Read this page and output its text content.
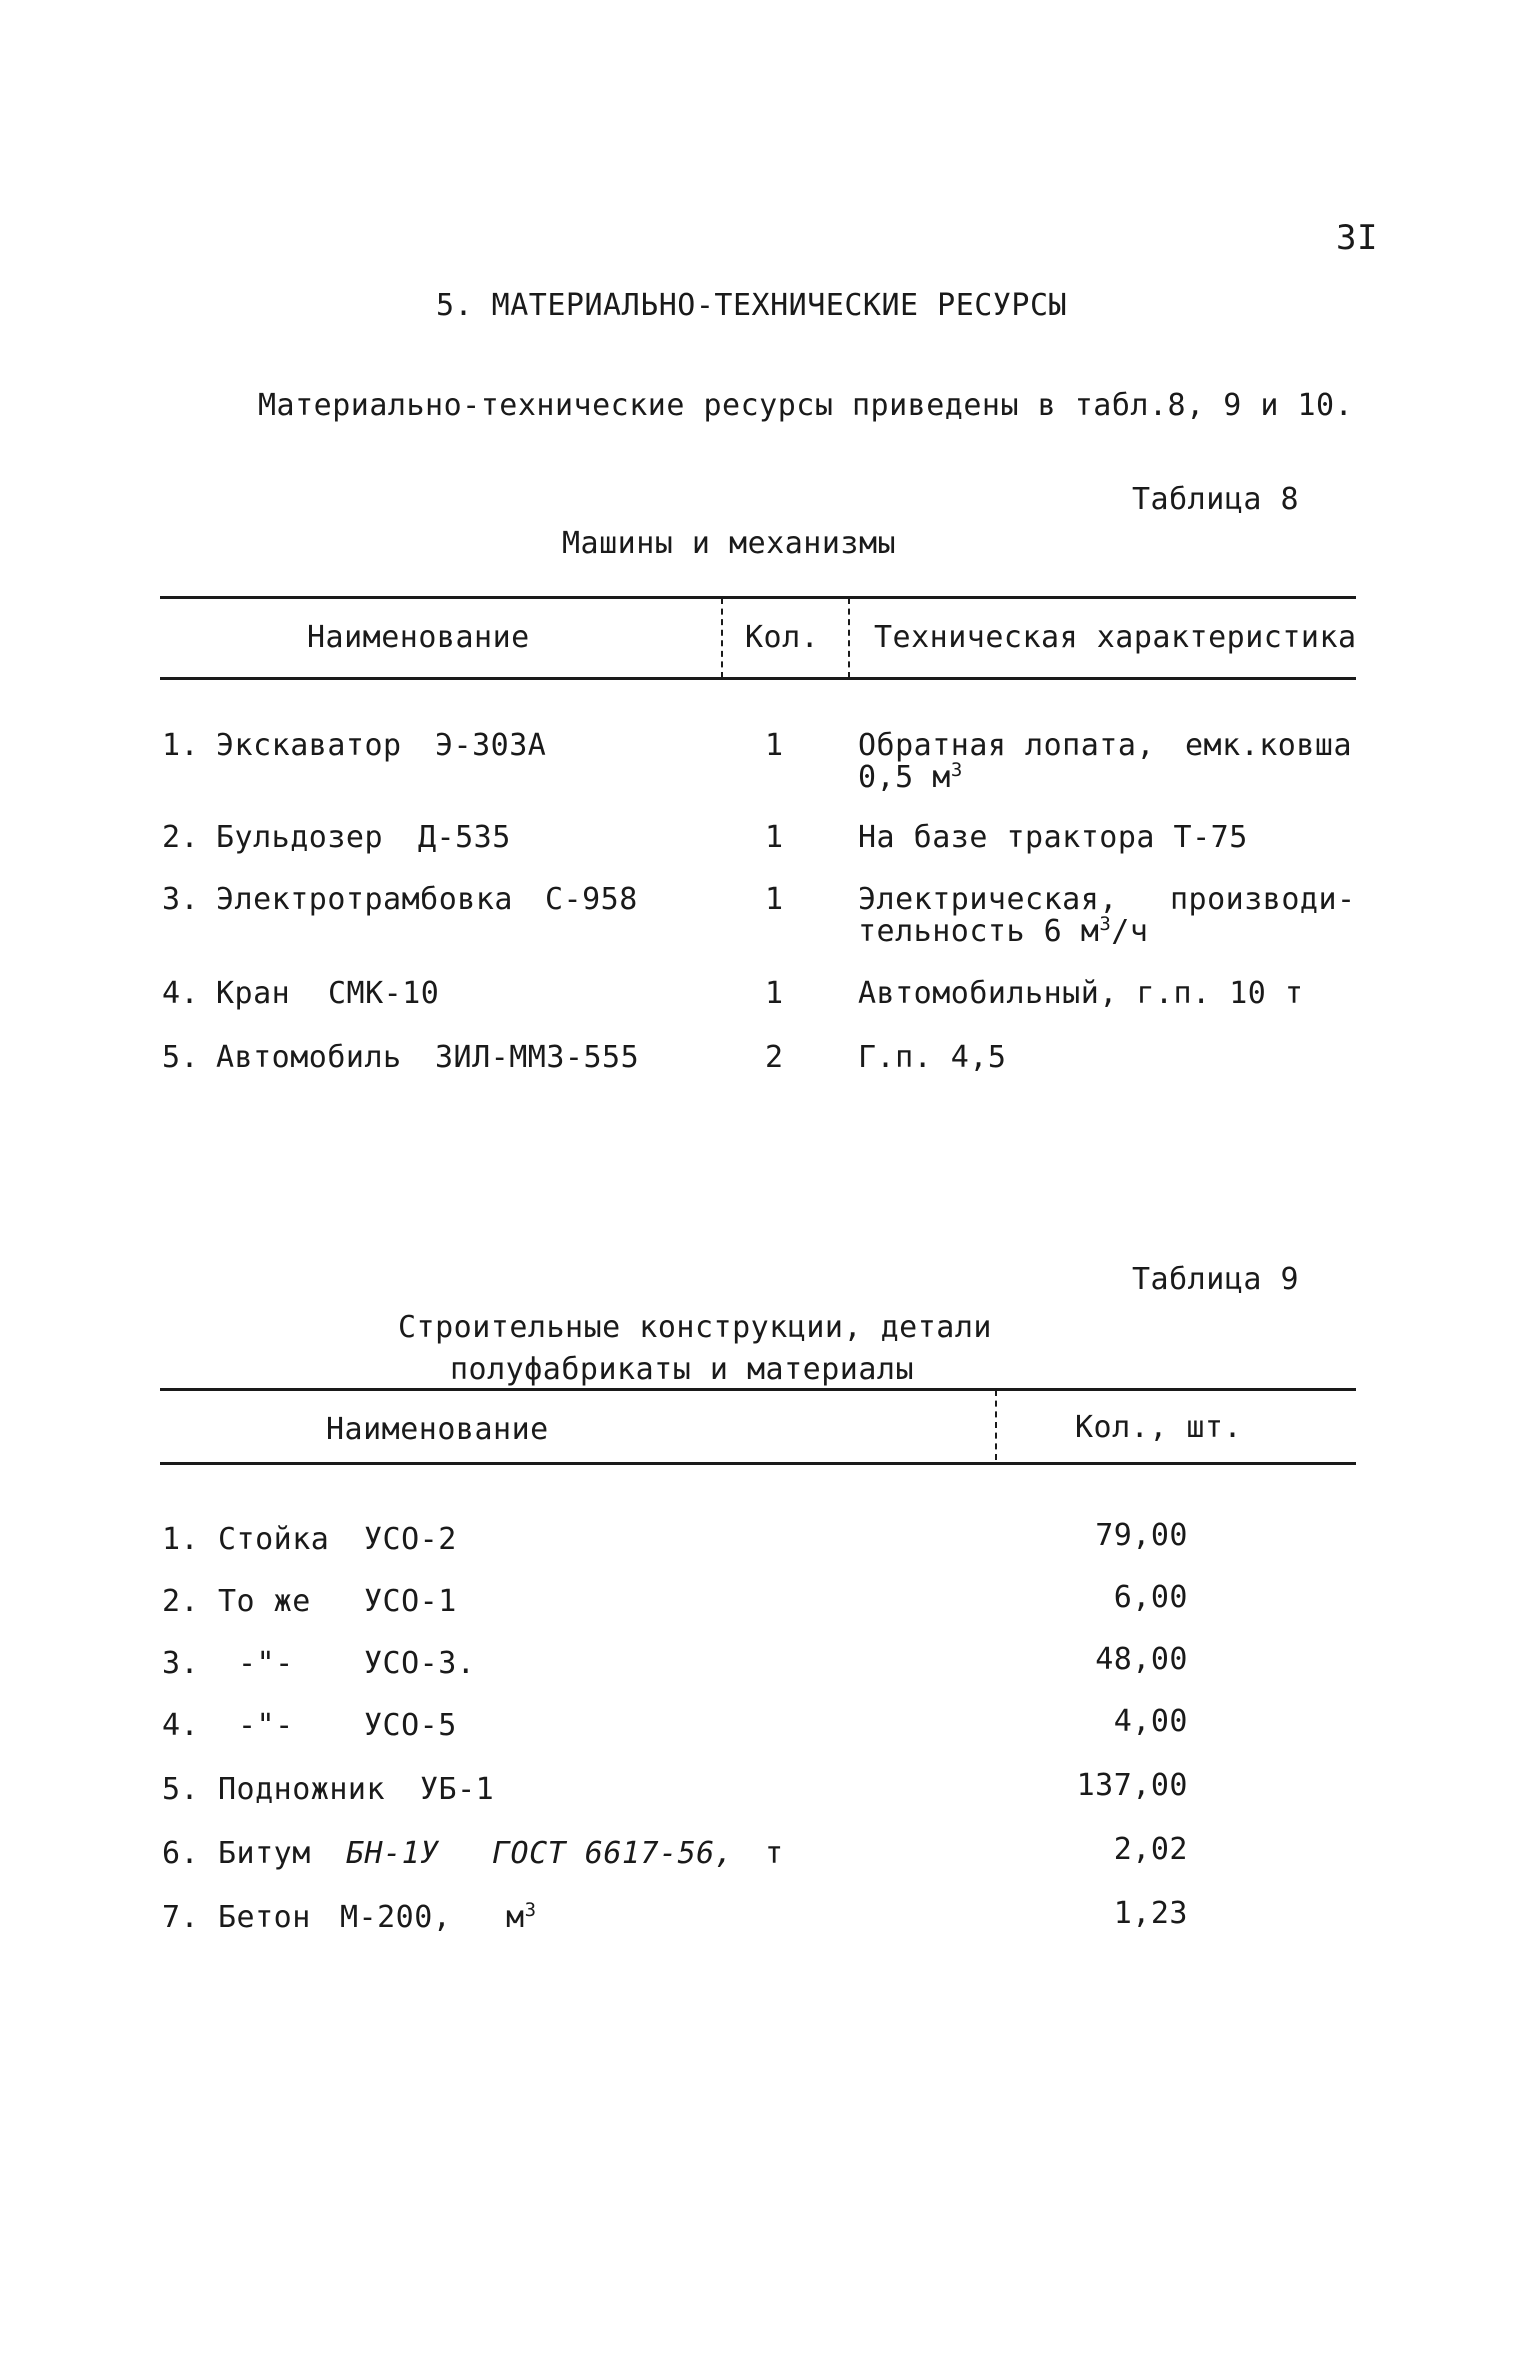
3I
5. МАТЕРИАЛЬНО-ТЕХНИЧЕСКИЕ РЕСУРСЫ
Материально-технические ресурсы приведены в табл.8, 9 и 10.
Таблица 8
Машины и механизмы
Наименование	Кол. Техническая характеристика
1. Экскаватор Э-303А	1 Обратная лопата, емк.ковша
0,5 $м^3$
2. Бульдозер Д-535	1 На базе трактора Т-75
3. Электротрамбовка С-958	1 Электрическая, производи-
тельность 6 $м^3/ч$
4. Кран СМК-10	1 Автомобильный, г.п. 10 т
5. Автомобиль ЗИЛ-ММЗ-555	2 Г.п. 4,5
Таблица 9
Строительные конструкции, детали
полуфабрикаты и материалы
Наименование	Кол., шт.
1. Стойка УСО-2	79,00
2. То же УСО-1	6,00
3. -"- УСО-3.	48,00
4. -"- УСО-5	4,00
5. Подножник УБ-1	137,00
6. Битум БН-1У ГОСТ 6617-56, т	2,02
7. Бетон М-200, $м^3$	1,23
